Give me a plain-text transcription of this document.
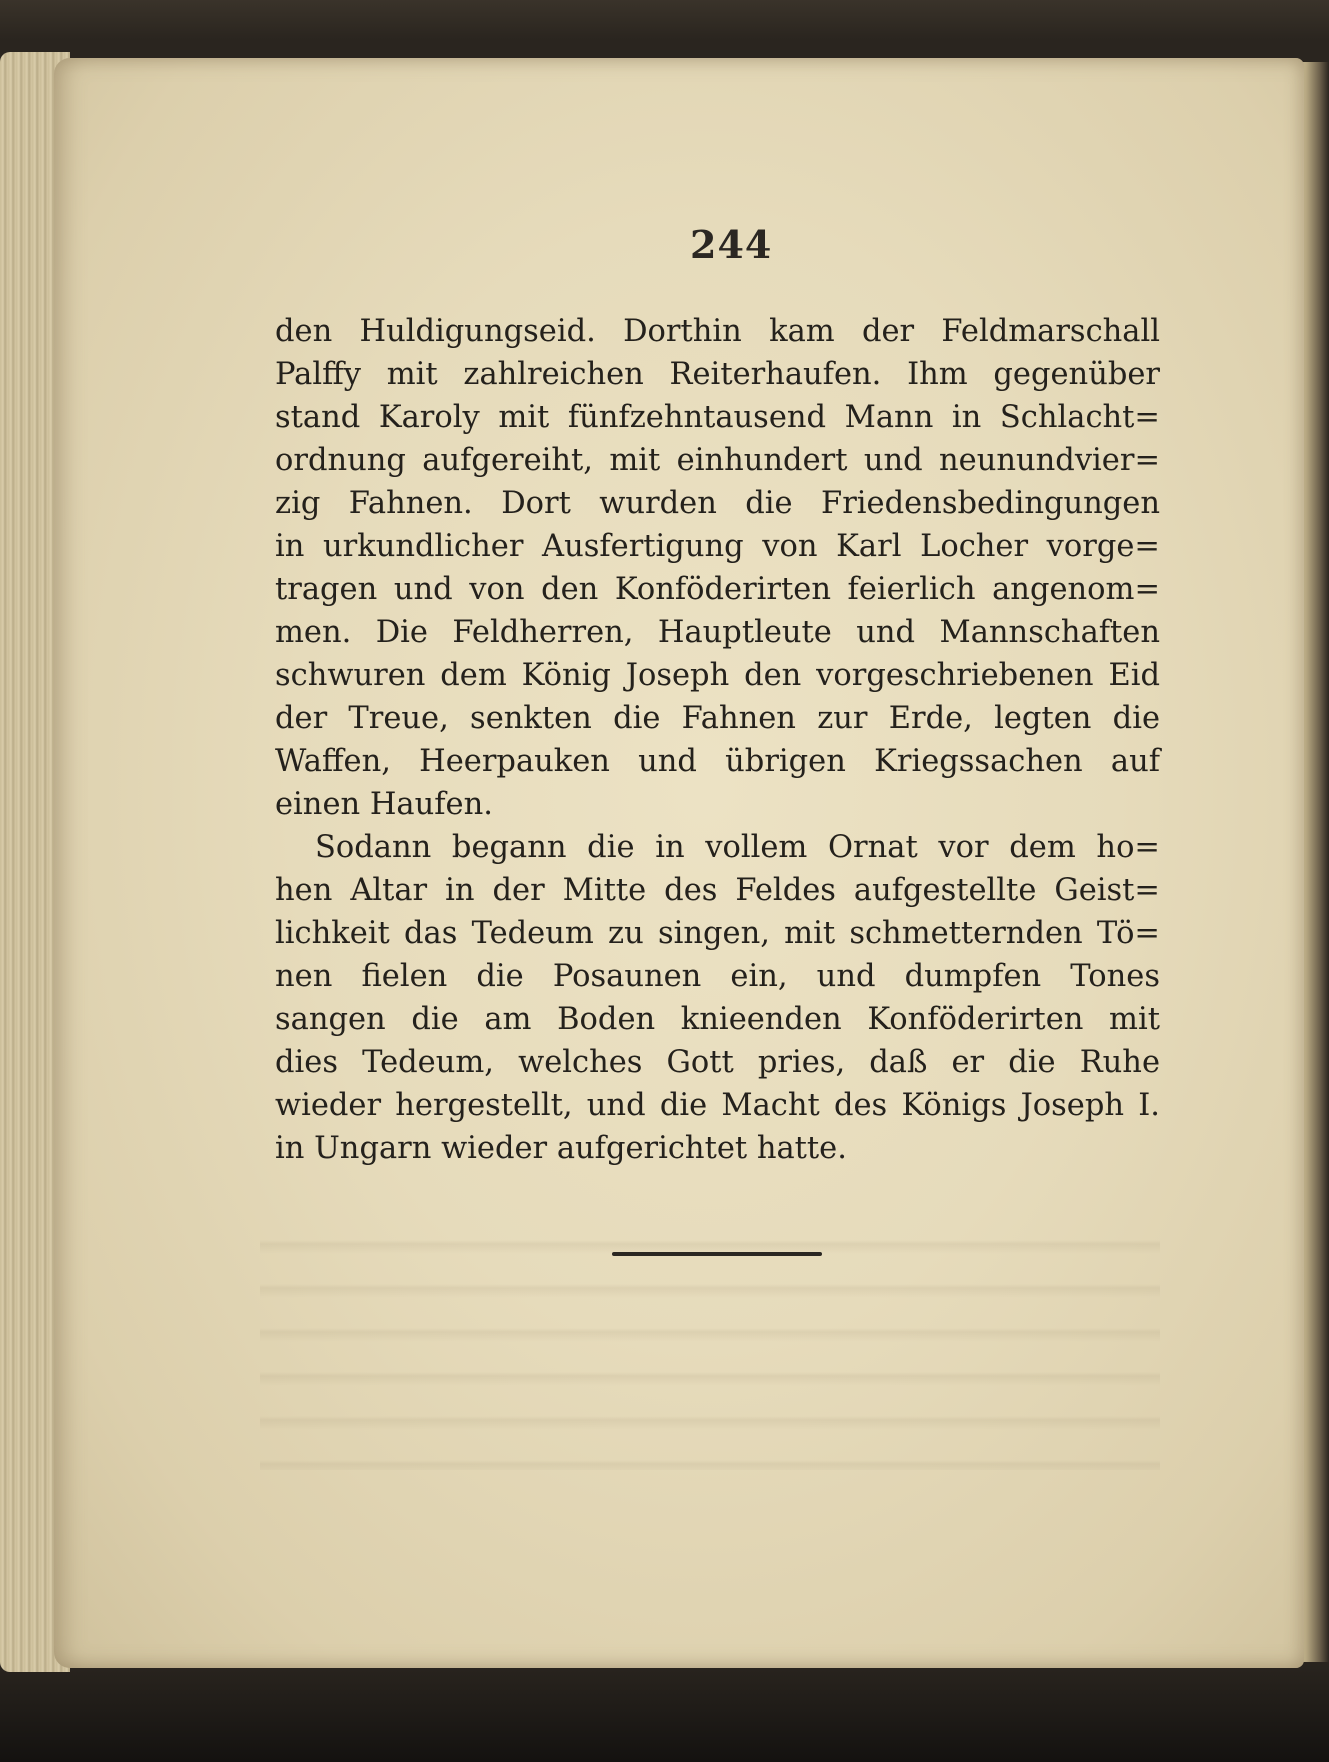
244
den Huldigungseid. Dorthin kam der Feldmarschall
Palffy mit zahlreichen Reiterhaufen. Ihm gegenüber
stand Karoly mit fünfzehntausend Mann in Schlacht=
ordnung aufgereiht, mit einhundert und neunundvier=
zig Fahnen. Dort wurden die Friedensbedingungen
in urkundlicher Ausfertigung von Karl Locher vorge=
tragen und von den Konföderirten feierlich angenom=
men. Die Feldherren, Hauptleute und Mannschaften
schwuren dem König Joseph den vorgeschriebenen Eid
der Treue, senkten die Fahnen zur Erde, legten die
Waffen, Heerpauken und übrigen Kriegssachen auf
einen Haufen.
Sodann begann die in vollem Ornat vor dem ho=
hen Altar in der Mitte des Feldes aufgestellte Geist=
lichkeit das Tedeum zu singen, mit schmetternden Tö=
nen fielen die Posaunen ein, und dumpfen Tones
sangen die am Boden knieenden Konföderirten mit
dies Tedeum, welches Gott pries, daß er die Ruhe
wieder hergestellt, und die Macht des Königs Joseph I.
in Ungarn wieder aufgerichtet hatte.
